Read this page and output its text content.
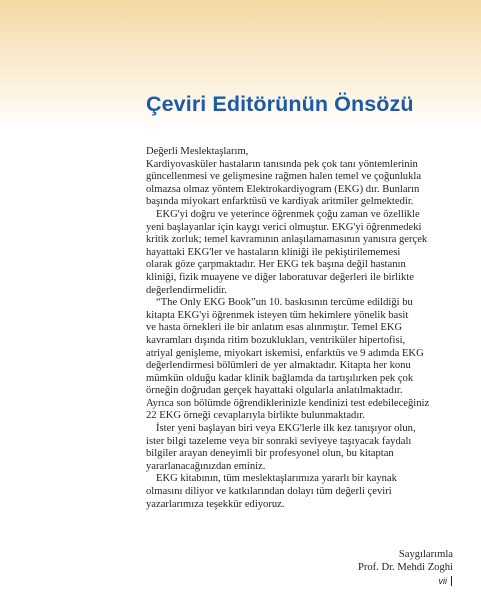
Çeviri Editörünün Önsözü
Değerli Meslektaşlarım,
Kardiyovasküler hastaların tanısında pek çok tanı yöntemlerinin
güncellenmesi ve gelişmesine rağmen halen temel ve çoğunlukla
olmazsa olmaz yöntem Elektrokardiyogram (EKG) dır. Bunların
başında miyokart enfarktüsü ve kardiyak aritmiler gelmektedir.
EKG'yi doğru ve yeterince öğrenmek çoğu zaman ve özellikle
yeni başlayanlar için kaygı verici olmuştur. EKG'yi öğrenmedeki
kritik zorluk; temel kavramının anlaşılamamasının yanısıra gerçek
hayattaki EKG'ler ve hastaların kliniği ile pekiştirilememesi
olarak göze çarpmaktadır. Her EKG tek başına değil hastanın
kliniği, fizik muayene ve diğer laboratuvar değerleri ile birlikte
değerlendirmelidir.
“The Only EKG Book”un 10. baskısının tercüme edildiği bu
kitapta EKG'yi öğrenmek isteyen tüm hekimlere yönelik basit
ve hasta örnekleri ile bir anlatım esas alınmıştır. Temel EKG
kavramları dışında ritim bozuklukları, ventriküler hipertofisi,
atriyal genişleme, miyokart iskemisi, enfarktüs ve 9 adımda EKG
değerlendirmesi bölümleri de yer almaktadır. Kitapta her konu
mümkün olduğu kadar klinik bağlamda da tartışılırken pek çok
örneğin doğrudan gerçek hayattaki olgularla anlatılmaktadır.
Ayrıca son bölümde öğrendiklerinizle kendinizi test edebileceğiniz
22 EKG örneği cevaplarıyla birlikte bulunmaktadır.
İster yeni başlayan biri veya EKG'lerle ilk kez tanışıyor olun,
ister bilgi tazeleme veya bir sonraki seviyeye taşıyacak faydalı
bilgiler arayan deneyimli bir profesyonel olun, bu kitaptan
yararlanacağınızdan eminiz.
EKG kitabının, tüm meslektaşlarımıza yararlı bir kaynak
olmasını diliyor ve katkılarından dolayı tüm değerli çeviri
yazarlarımıza teşekkür ediyoruz.
Saygılarımla
Prof. Dr. Mehdi Zoghi
vii
